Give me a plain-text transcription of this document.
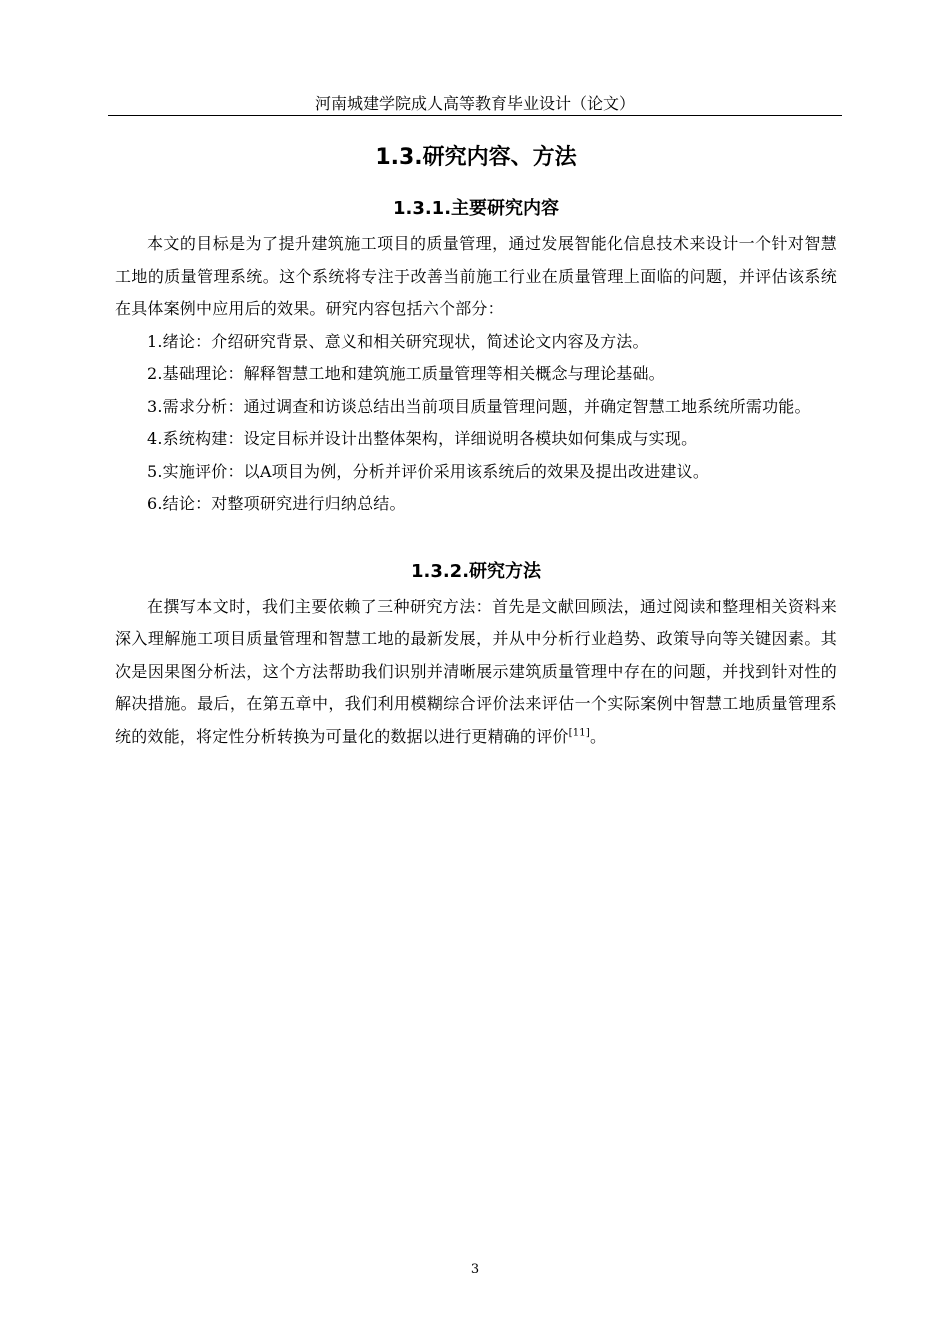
河南城建学院成人高等教育毕业设计（论文）
1.3.研究内容、方法
1.3.1.主要研究内容

本文的目标是为了提升建筑施工项目的质量管理，通过发展智能化信息技术来设计一个针对智慧工地的质量管理系统。这个系统将专注于改善当前施工行业在质量管理上面临的问题，并评估该系统在具体案例中应用后的效果。研究内容包括六个部分：

1.绪论：介绍研究背景、意义和相关研究现状，简述论文内容及方法。
2.基础理论：解释智慧工地和建筑施工质量管理等相关概念与理论基础。
3.需求分析：通过调查和访谈总结出当前项目质量管理问题，并确定智慧工地系统所需功能。
4.系统构建：设定目标并设计出整体架构，详细说明各模块如何集成与实现。
5.实施评价：以A项目为例，分析并评价采用该系统后的效果及提出改进建议。
6.结论：对整项研究进行归纳总结。
1.3.2.研究方法

在撰写本文时，我们主要依赖了三种研究方法：首先是文献回顾法，通过阅读和整理相关资料来深入理解施工项目质量管理和智慧工地的最新发展，并从中分析行业趋势、政策导向等关键因素。其次是因果图分析法，这个方法帮助我们识别并清晰展示建筑质量管理中存在的问题，并找到针对性的解决措施。最后，在第五章中，我们利用模糊综合评价法来评估一个实际案例中智慧工地质量管理系统的效能，将定性分析转换为可量化的数据以进行更精确的评价[11]。

3
